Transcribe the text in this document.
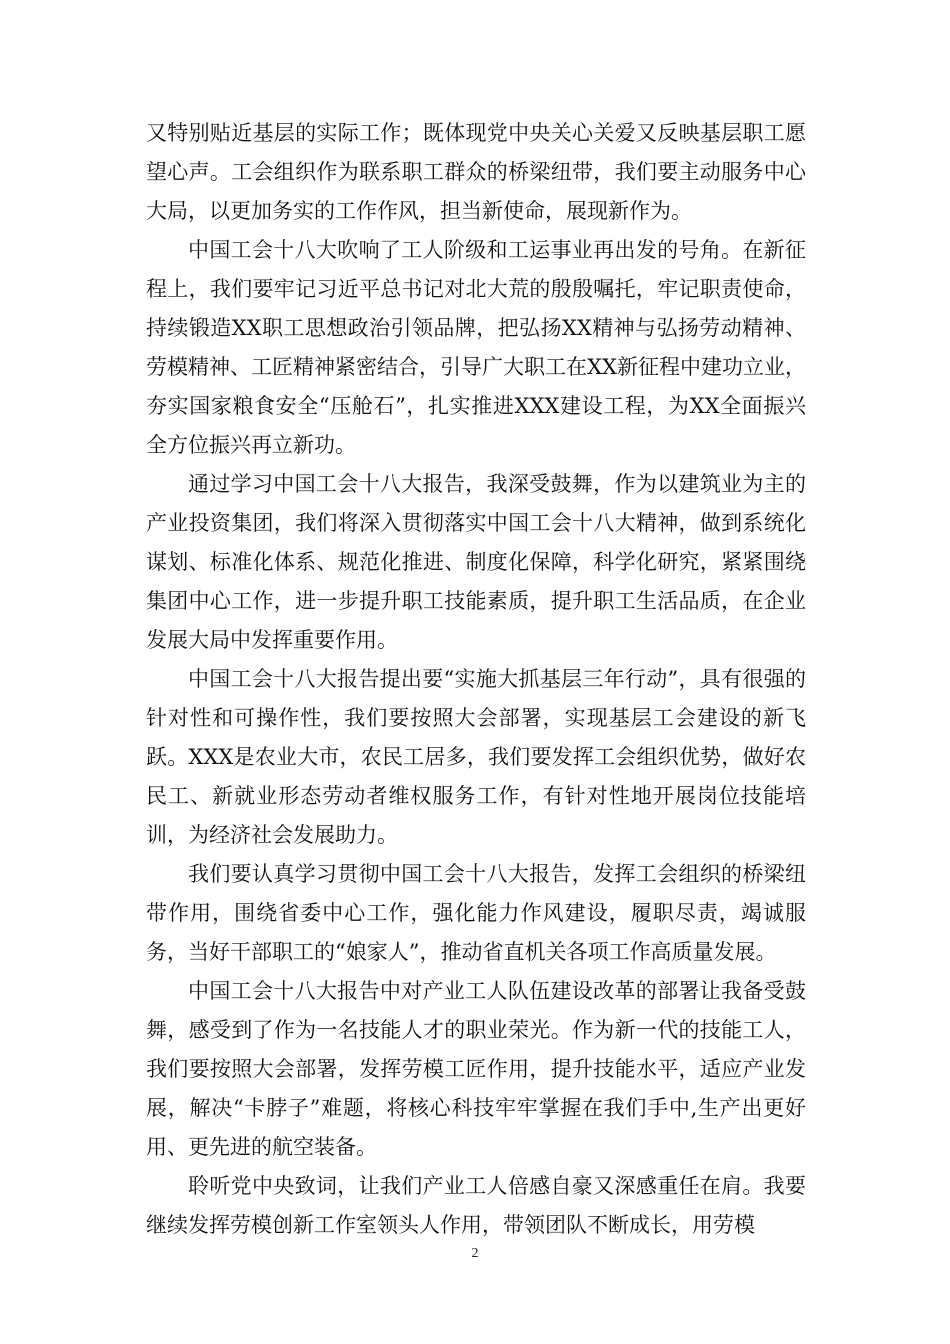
又特别贴近基层的实际工作；既体现党中央关心关爱又反映基层职工愿望心声。工会组织作为联系职工群众的桥梁纽带，我们要主动服务中心大局，以更加务实的工作作风，担当新使命，展现新作为。

中国工会十八大吹响了工人阶级和工运事业再出发的号角。在新征程上，我们要牢记习近平总书记对北大荒的殷殷嘱托，牢记职责使命，持续锻造XX职工思想政治引领品牌，把弘扬XX精神与弘扬劳动精神、劳模精神、工匠精神紧密结合，引导广大职工在XX新征程中建功立业，夯实国家粮食安全“压舱石”，扎实推进XXX建设工程，为XX全面振兴全方位振兴再立新功。

通过学习中国工会十八大报告，我深受鼓舞，作为以建筑业为主的产业投资集团，我们将深入贯彻落实中国工会十八大精神，做到系统化谋划、标准化体系、规范化推进、制度化保障，科学化研究，紧紧围绕集团中心工作，进一步提升职工技能素质，提升职工生活品质，在企业发展大局中发挥重要作用。

中国工会十八大报告提出要“实施大抓基层三年行动”，具有很强的针对性和可操作性，我们要按照大会部署，实现基层工会建设的新飞跃。XXX是农业大市，农民工居多，我们要发挥工会组织优势，做好农民工、新就业形态劳动者维权服务工作，有针对性地开展岗位技能培训，为经济社会发展助力。

我们要认真学习贯彻中国工会十八大报告，发挥工会组织的桥梁纽带作用，围绕省委中心工作，强化能力作风建设，履职尽责，竭诚服务，当好干部职工的“娘家人”，推动省直机关各项工作高质量发展。

中国工会十八大报告中对产业工人队伍建设改革的部署让我备受鼓舞，感受到了作为一名技能人才的职业荣光。作为新一代的技能工人，我们要按照大会部署，发挥劳模工匠作用，提升技能水平，适应产业发展，解决“卡脖子”难题，将核心科技牢牢掌握在我们手中,生产出更好用、更先进的航空装备。

聆听党中央致词，让我们产业工人倍感自豪又深感重任在肩。我要继续发挥劳模创新工作室领头人作用，带领团队不断成长，用劳模

2
